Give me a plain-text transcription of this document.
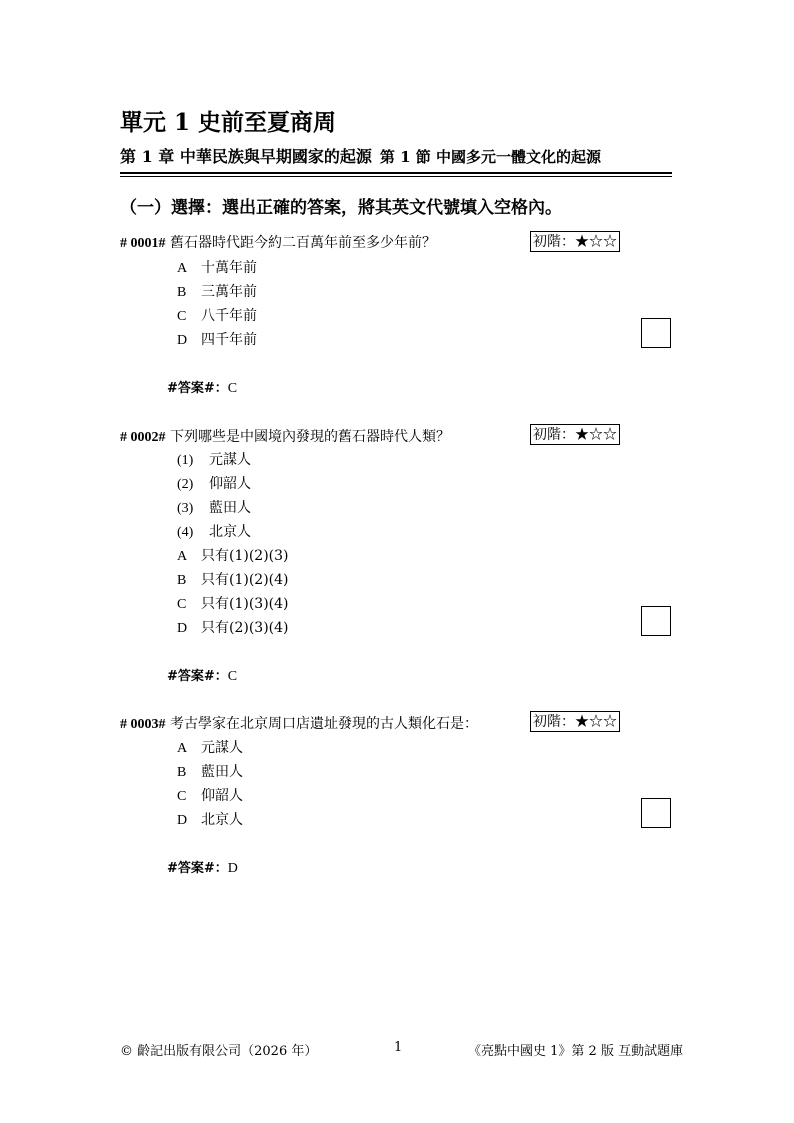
單元 1 史前至夏商周
第 1 章 中華民族與早期國家的起源 第 1 節 中國多元一體文化的起源
（一）選擇：選出正確的答案，將其英文代號填入空格內。
# 0001# 舊石器時代距今約二百萬年前至多少年前？	初階：★☆☆
A 十萬年前
B 三萬年前
C 八千年前
D 四千年前
#答案#：C
# 0002# 下列哪些是中國境內發現的舊石器時代人類？	初階：★☆☆
(1) 元謀人
(2) 仰韶人
(3) 藍田人
(4) 北京人
A 只有(1)(2)(3)
B 只有(1)(2)(4)
C 只有(1)(3)(4)
D 只有(2)(3)(4)
#答案#：C
# 0003# 考古學家在北京周口店遺址發現的古人類化石是：	初階：★☆☆
A 元謀人
B 藍田人
C 仰韶人
D 北京人
#答案#：D
© 齡記出版有限公司（2026 年）	1	《亮點中國史 1》第 2 版 互動試題庫
